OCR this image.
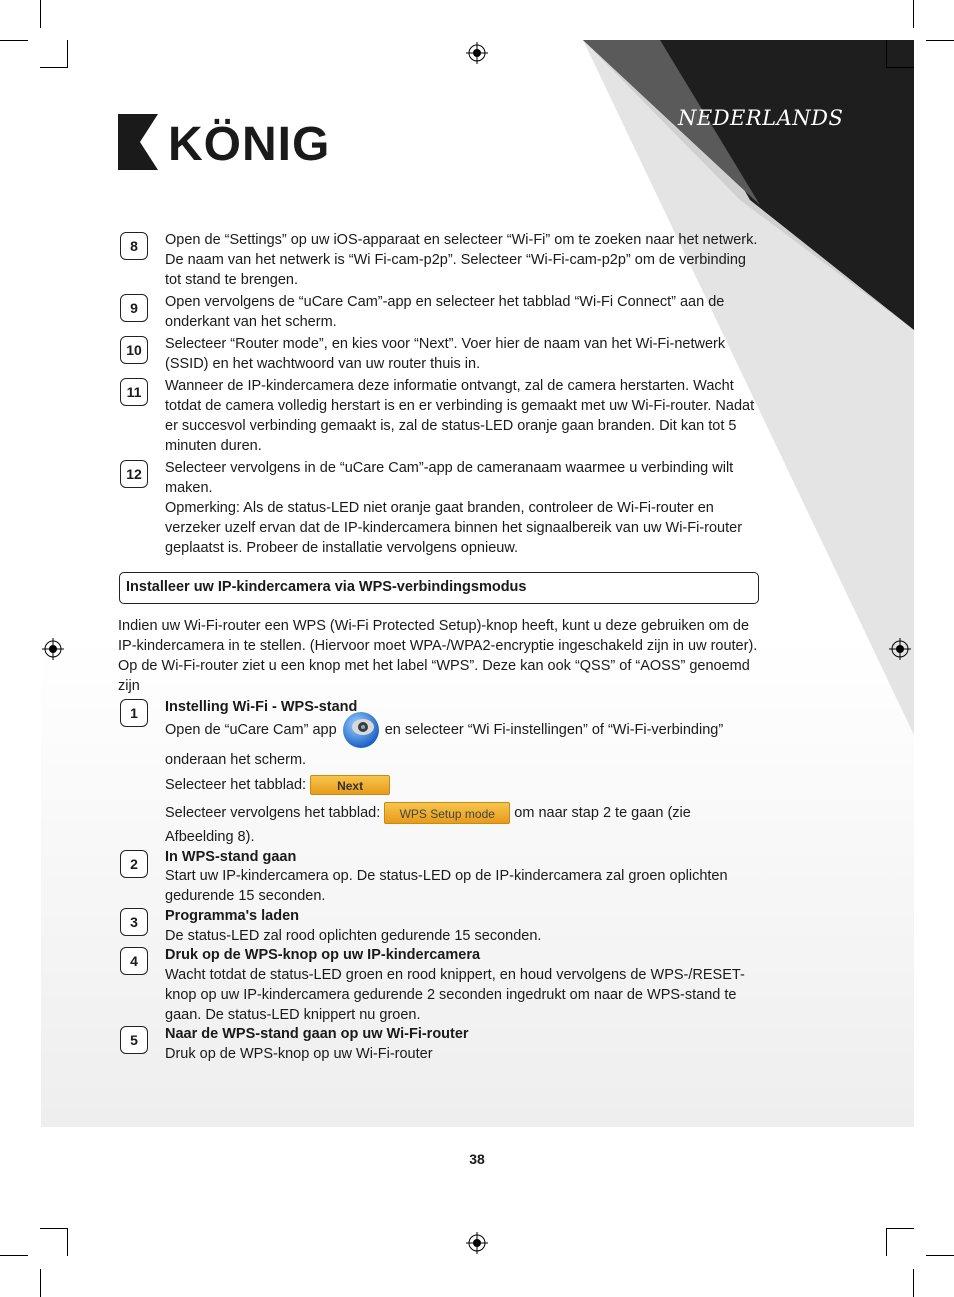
NEDERLANDS
KÖNIG
8	Open de “Settings” op uw iOS-apparaat en selecteer “Wi-Fi” om te zoeken naar het netwerk. De naam van het netwerk is “Wi Fi-cam-p2p”. Selecteer “Wi-Fi-cam-p2p” om de verbinding tot stand te brengen.
9	Open vervolgens de “uCare Cam”-app en selecteer het tabblad “Wi-Fi Connect” aan de onderkant van het scherm.
10	Selecteer “Router mode”, en kies voor “Next”. Voer hier de naam van het Wi-Fi-netwerk (SSID) en het wachtwoord van uw router thuis in.
11	Wanneer de IP-kindercamera deze informatie ontvangt, zal de camera herstarten. Wacht totdat de camera volledig herstart is en er verbinding is gemaakt met uw Wi-Fi-router. Nadat er succesvol verbinding gemaakt is, zal de status-LED oranje gaan branden. Dit kan tot 5 minuten duren.
12	Selecteer vervolgens in de “uCare Cam”-app de cameranaam waarmee u verbinding wilt maken.
Opmerking: Als de status-LED niet oranje gaat branden, controleer de Wi-Fi-router en verzeker uzelf ervan dat de IP-kindercamera binnen het signaalbereik van uw Wi-Fi-router geplaatst is. Probeer de installatie vervolgens opnieuw.
Installeer uw IP-kindercamera via WPS-verbindingsmodus
Indien uw Wi-Fi-router een WPS (Wi-Fi Protected Setup)-knop heeft, kunt u deze gebruiken om de IP-kindercamera in te stellen. (Hiervoor moet WPA-/WPA2-encryptie ingeschakeld zijn in uw router). Op de Wi-Fi-router ziet u een knop met het label “WPS”. Deze kan ook “QSS” of “AOSS” genoemd zijn
1	Instelling Wi-Fi - WPS-stand
Open de “uCare Cam” app	en selecteer “Wi Fi-instellingen” of “Wi-Fi-verbinding”
onderaan het scherm.
Selecteer het tabblad:	Next
Selecteer vervolgens het tabblad: WPS Setup mode om naar stap 2 te gaan (zie
Afbeelding 8).
2	In WPS-stand gaan
Start uw IP-kindercamera op. De status-LED op de IP-kindercamera zal groen oplichten gedurende 15 seconden.
3	Programma's laden
De status-LED zal rood oplichten gedurende 15 seconden.
4	Druk op de WPS-knop op uw IP-kindercamera
Wacht totdat de status-LED groen en rood knippert, en houd vervolgens de WPS-/RESET-knop op uw IP-kindercamera gedurende 2 seconden ingedrukt om naar de WPS-stand te gaan. De status-LED knippert nu groen.
5	Naar de WPS-stand gaan op uw Wi-Fi-router
Druk op de WPS-knop op uw Wi-Fi-router
38
